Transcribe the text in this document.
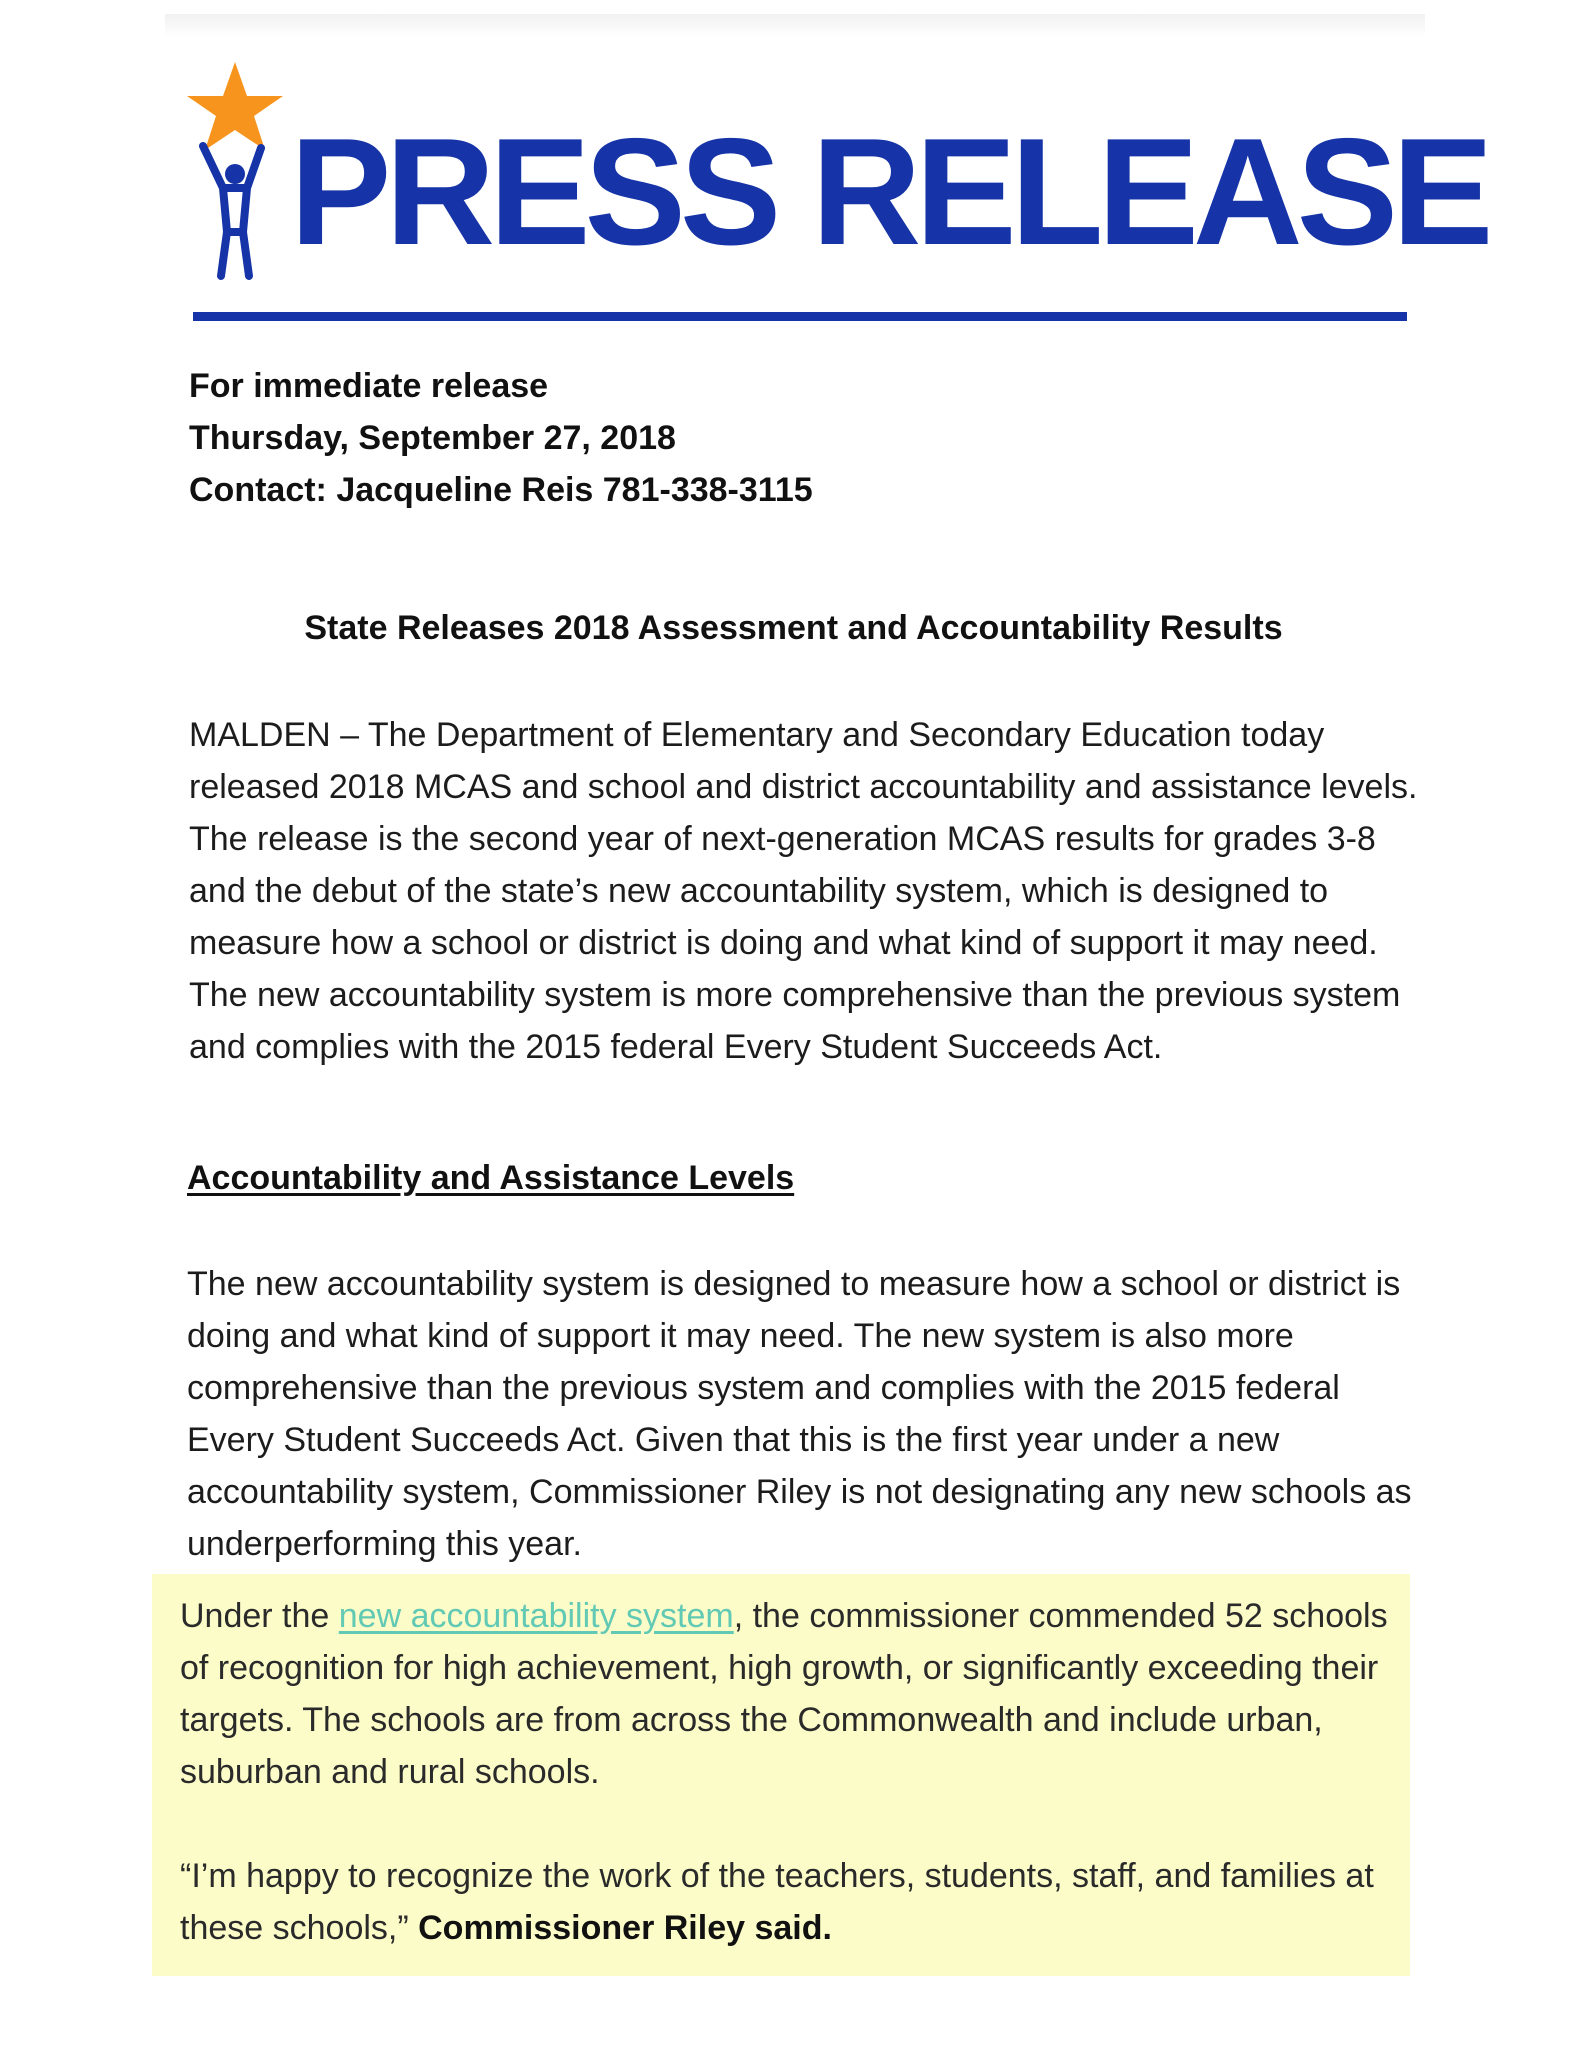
PRESS RELEASE
For immediate release
Thursday, September 27, 2018
Contact: Jacqueline Reis 781-338-3115
State Releases 2018 Assessment and Accountability Results
MALDEN – The Department of Elementary and Secondary Education today released 2018 MCAS and school and district accountability and assistance levels. The release is the second year of next-generation MCAS results for grades 3-8 and the debut of the state’s new accountability system, which is designed to measure how a school or district is doing and what kind of support it may need. The new accountability system is more comprehensive than the previous system and complies with the 2015 federal Every Student Succeeds Act.
Accountability and Assistance Levels
The new accountability system is designed to measure how a school or district is doing and what kind of support it may need. The new system is also more comprehensive than the previous system and complies with the 2015 federal Every Student Succeeds Act. Given that this is the first year under a new accountability system, Commissioner Riley is not designating any new schools as underperforming this year.
Under the new accountability system, the commissioner commended 52 schools of recognition for high achievement, high growth, or significantly exceeding their targets. The schools are from across the Commonwealth and include urban, suburban and rural schools.
“I’m happy to recognize the work of the teachers, students, staff, and families at these schools,” Commissioner Riley said.
